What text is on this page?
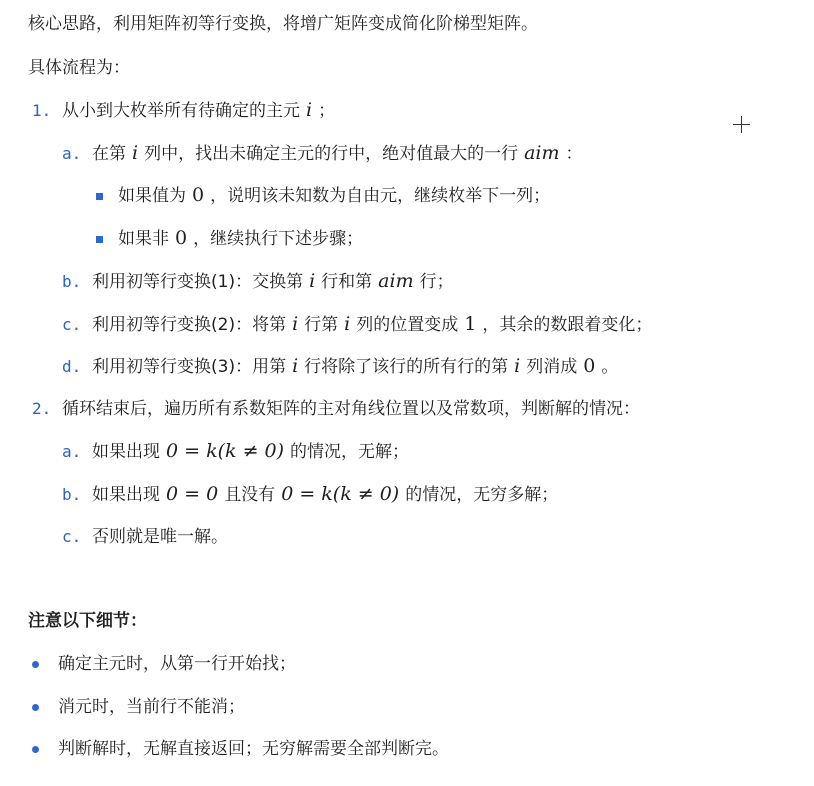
核心思路，利用矩阵初等行变换，将增广矩阵变成简化阶梯型矩阵。
具体流程为：
1. 从小到大枚举所有待确定的主元 i ；
a. 在第 i 列中，找出未确定主元的行中，绝对值最大的一行 aim ：
如果值为 0 ，说明该未知数为自由元，继续枚举下一列；
如果非 0 ，继续执行下述步骤；
b. 利用初等行变换(1)：交换第 i 行和第 aim 行；
c. 利用初等行变换(2)：将第 i 行第 i 列的位置变成 1 ，其余的数跟着变化；
d. 利用初等行变换(3)：用第 i 行将除了该行的所有行的第 i 列消成 0 。
2. 循环结束后，遍历所有系数矩阵的主对角线位置以及常数项，判断解的情况：
a. 如果出现 0 = k(k ≠ 0) 的情况，无解；
b. 如果出现 0 = 0 且没有 0 = k(k ≠ 0) 的情况，无穷多解；
c. 否则就是唯一解。
注意以下细节：
确定主元时，从第一行开始找；
消元时，当前行不能消；
判断解时，无解直接返回；无穷解需要全部判断完。
